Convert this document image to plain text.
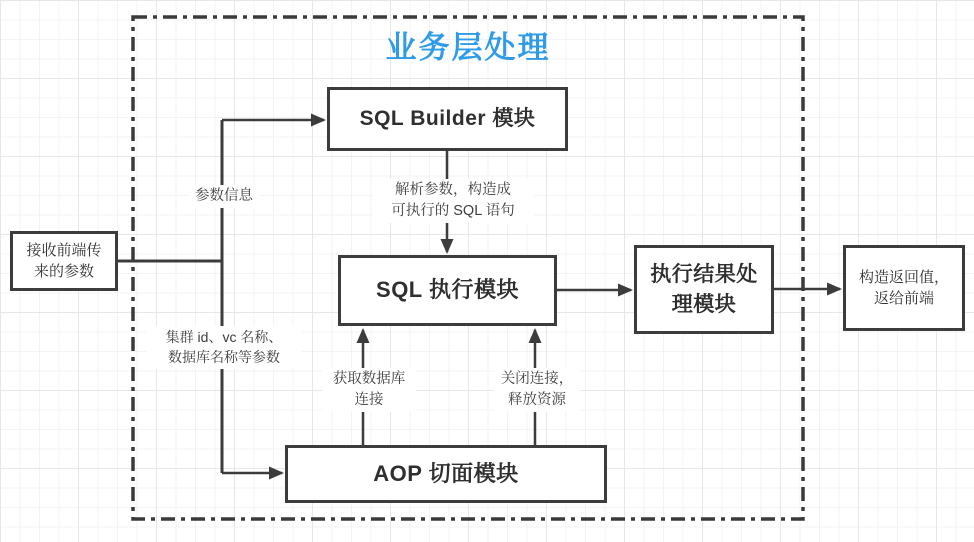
业务层处理
接收前端传
来的参数
SQL Builder 模块
SQL 执行模块
执行结果处
理模块
构造返回值，
返给前端
AOP 切面模块
参数信息	解析参数，构造成
可执行的 SQL 语句
集群 id、vc 名称、
数据库名称等参数
获取数据库
连接
关闭连接，
释放资源
